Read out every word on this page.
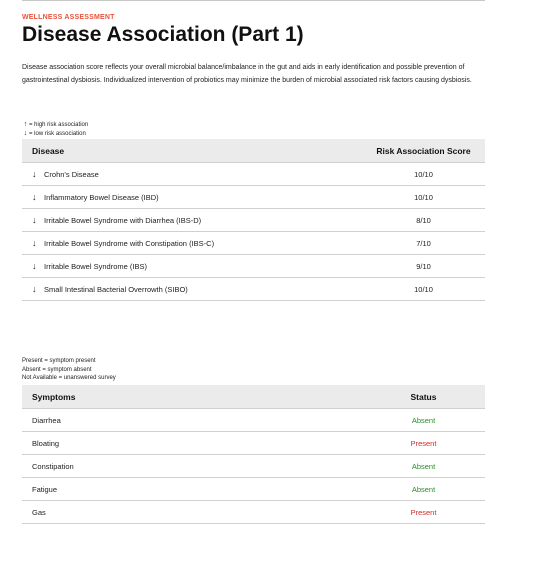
WELLNESS ASSESSMENT
Disease Association (Part 1)
Disease association score reflects your overall microbial balance/imbalance in the gut and aids in early identification and possible prevention of gastrointestinal dysbiosis. Individualized intervention of probiotics may minimize the burden of microbial associated risk factors causing dysbiosis.
↑ = high risk association
↓ = low risk association
Disease	Risk Association Score
↓ Crohn's Disease	10/10
↓ Inflammatory Bowel Disease (IBD)	10/10
↓ Irritable Bowel Syndrome with Diarrhea (IBS-D)	8/10
↓ Irritable Bowel Syndrome with Constipation (IBS-C)	7/10
↓ Irritable Bowel Syndrome (IBS)	9/10
↓ Small Intestinal Bacterial Overrowth (SIBO)	10/10
Present = symptom present
Absent = symptom absent
Not Available = unanswered survey
Symptoms	Status
Diarrhea	Absent
Bloating	Present
Constipation	Absent
Fatigue	Absent
Gas	Present
